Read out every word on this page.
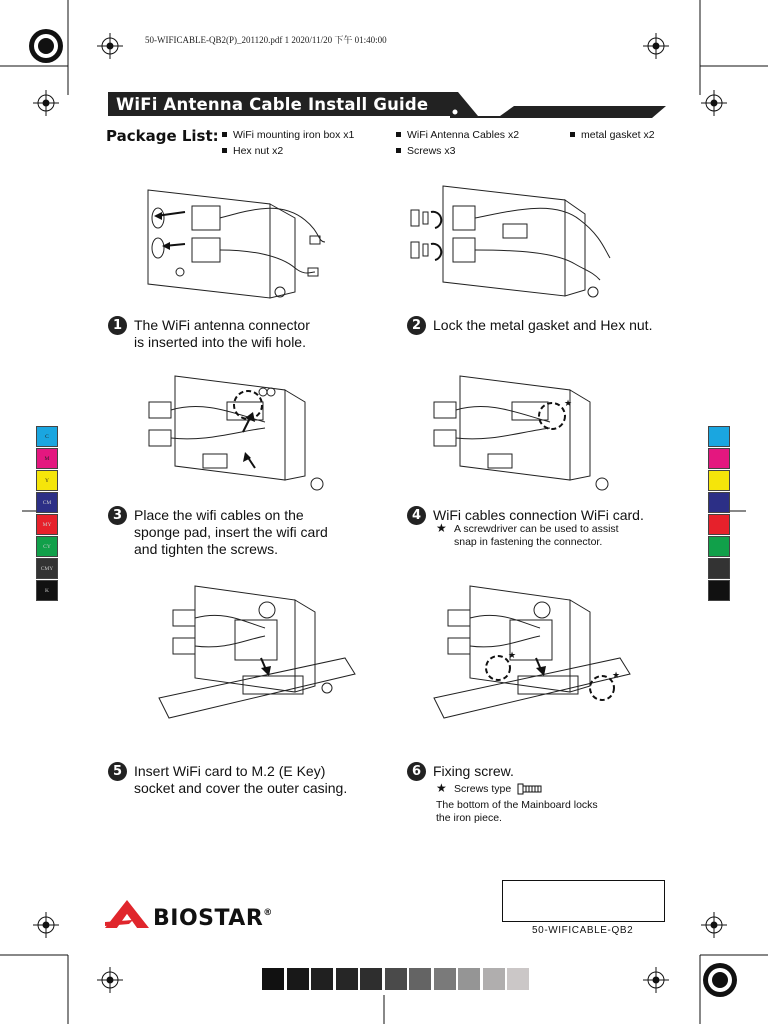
50-WIFICABLE-QB2(P)_201120.pdf 1 2020/11/20 下午 01:40:00
WiFi Antenna Cable Install Guide
Package List:	WiFi mounting iron box x1
Hex nut x2
WiFi Antenna Cables x2
Screws x3
metal gasket x2
★
★
★
1 The WiFi antenna connector
is inserted into the wifi hole.
2 Lock the metal gasket and Hex nut.
3 Place the wifi cables on the
sponge pad, insert the wifi card
and tighten the screws.
4 WiFi cables connection WiFi card.
★ A screwdriver can be used to assist
snap in fastening the connector.
5 Insert WiFi card to M.2 (E Key)
socket and cover the outer casing.
6 Fixing screw.
★ Screws type
The bottom of the Mainboard locks
the iron piece.
C
M
Y
CM
MY
CY
CMY
K
BIOSTAR®
50-WIFICABLE-QB2
